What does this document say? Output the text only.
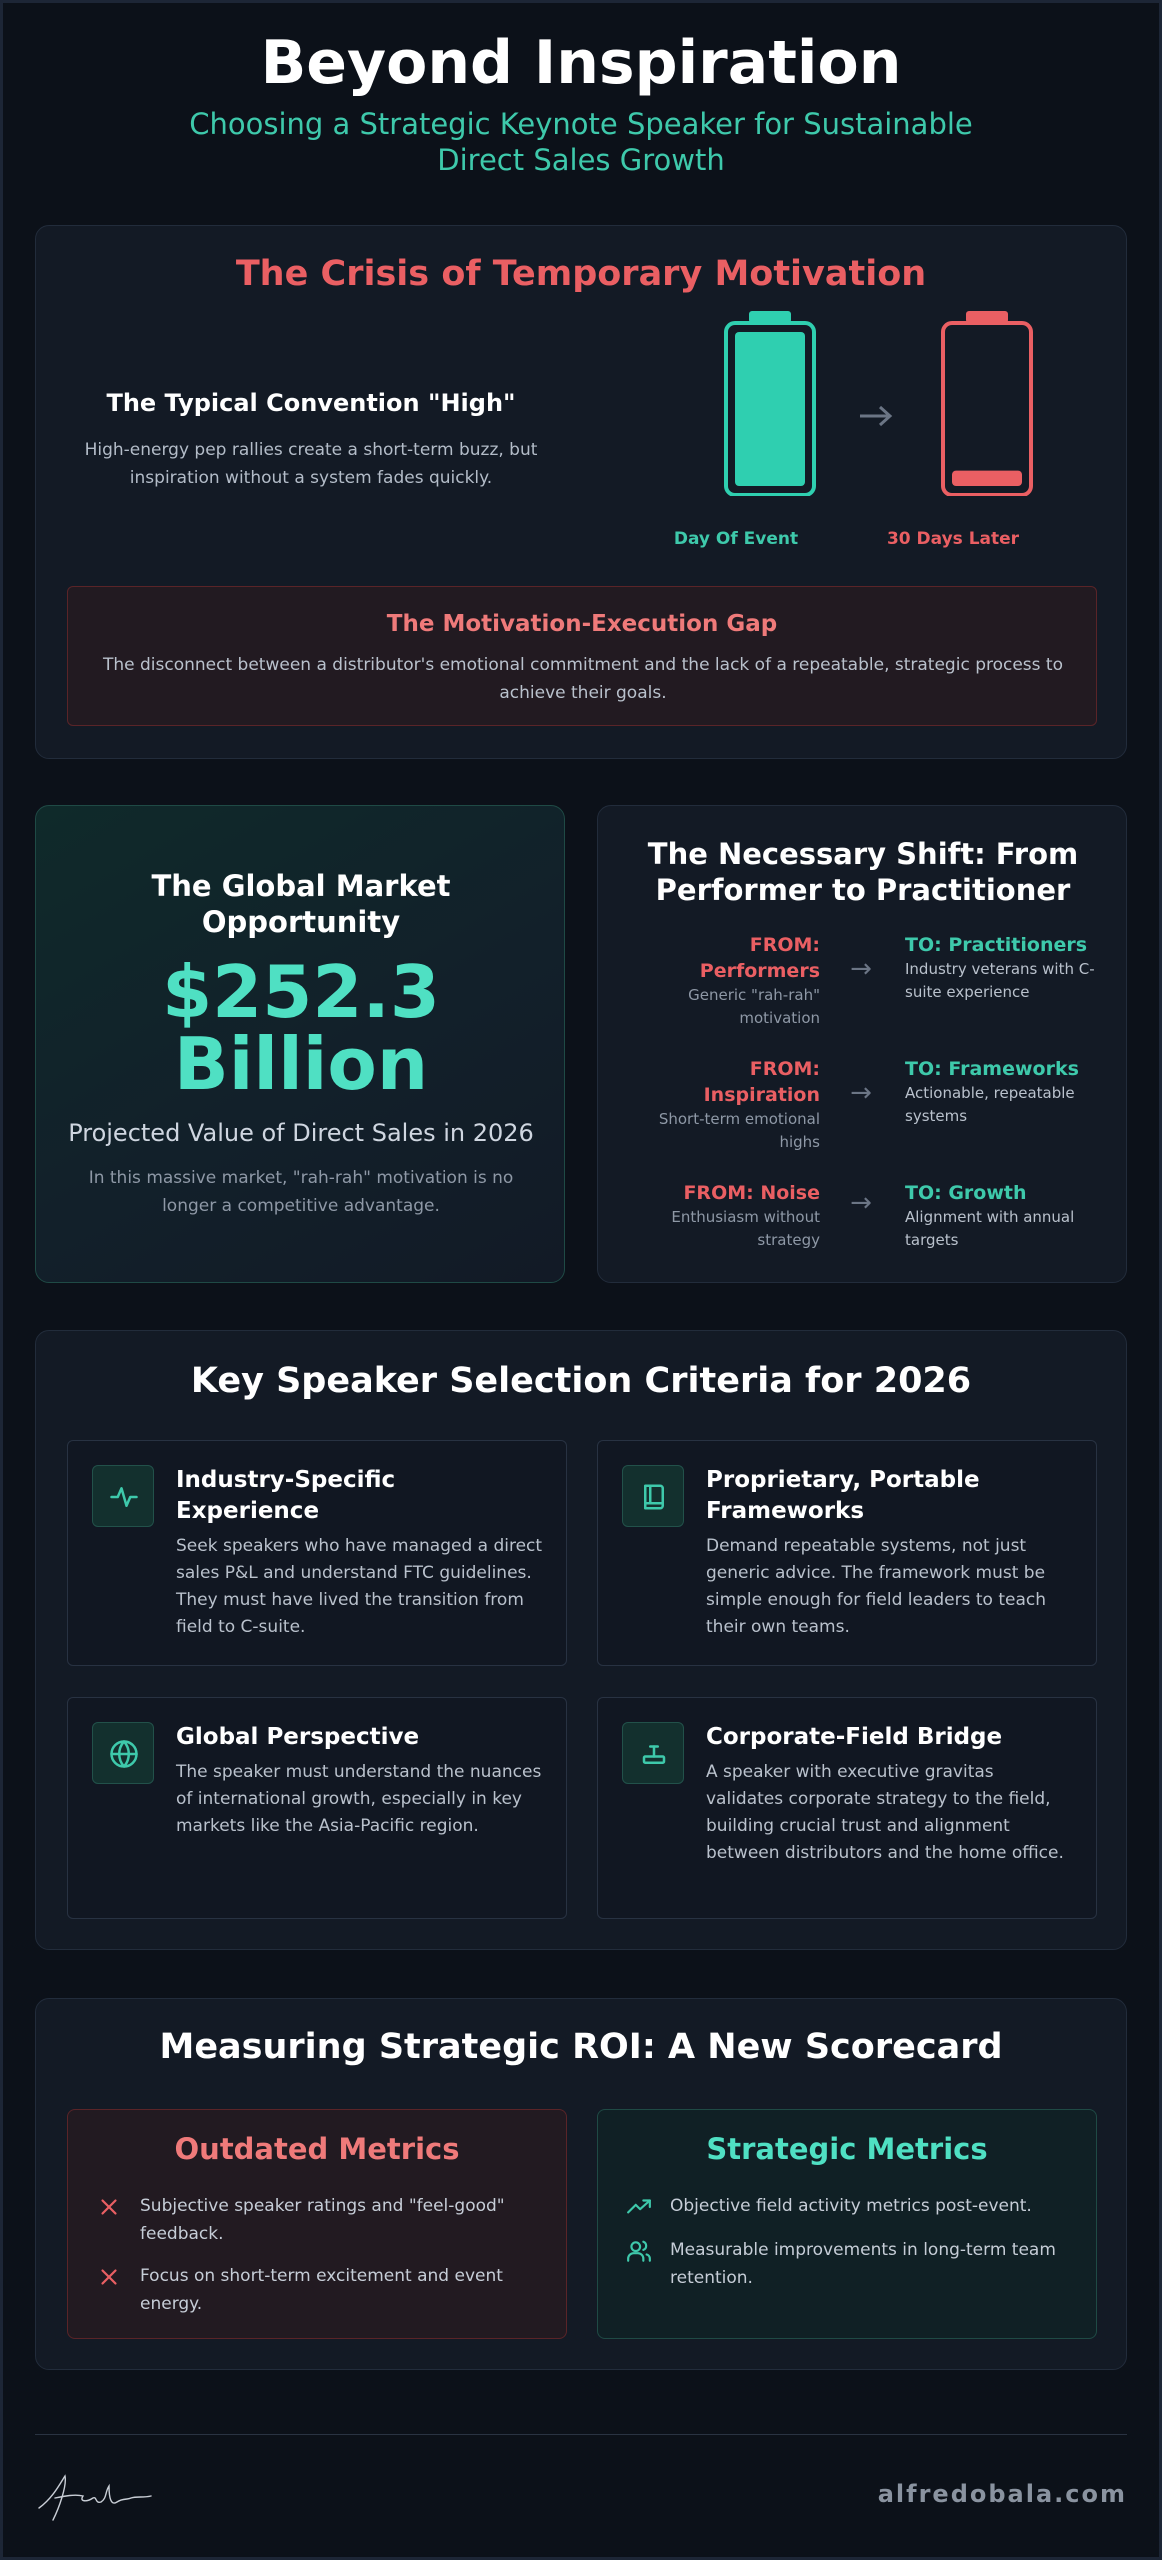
Beyond Inspiration
Choosing a Strategic Keynote Speaker for Sustainable Direct Sales Growth
The Crisis of Temporary Motivation
The Typical Convention "High"
High-energy pep rallies create a short-term buzz, but inspiration without a system fades quickly.
Day Of Event	30 Days Later
The Motivation-Execution Gap
The disconnect between a distributor's emotional commitment and the lack of a repeatable, strategic process to achieve their goals.
The Global Market Opportunity
$252.3
Billion
Projected Value of Direct Sales in 2026
In this massive market, "rah-rah" motivation is no longer a competitive advantage.
The Necessary Shift: From Performer to Practitioner
FROM: Performers
Generic "rah-rah" motivation
→
TO: Practitioners
Industry veterans with C-suite experience
FROM: Inspiration
Short-term emotional highs
→
TO: Frameworks
Actionable, repeatable systems
FROM: Noise
Enthusiasm without strategy
→ TO: Growth
Alignment with annual targets
Key Speaker Selection Criteria for 2026
Industry-Specific Experience
Seek speakers who have managed a direct sales P&L and understand FTC guidelines. They must have lived the transition from field to C-suite.
Proprietary, Portable Frameworks
Demand repeatable systems, not just generic advice. The framework must be simple enough for field leaders to teach their own teams.
Global Perspective
The speaker must understand the nuances of international growth, especially in key markets like the Asia-Pacific region.
Corporate-Field Bridge
A speaker with executive gravitas validates corporate strategy to the field, building crucial trust and alignment between distributors and the home office.
Measuring Strategic ROI: A New Scorecard
Outdated Metrics
Subjective speaker ratings and "feel-good" feedback.
Focus on short-term excitement and event energy.
Strategic Metrics
Objective field activity metrics post-event.
Measurable improvements in long-term team retention.
alfredobala.com
